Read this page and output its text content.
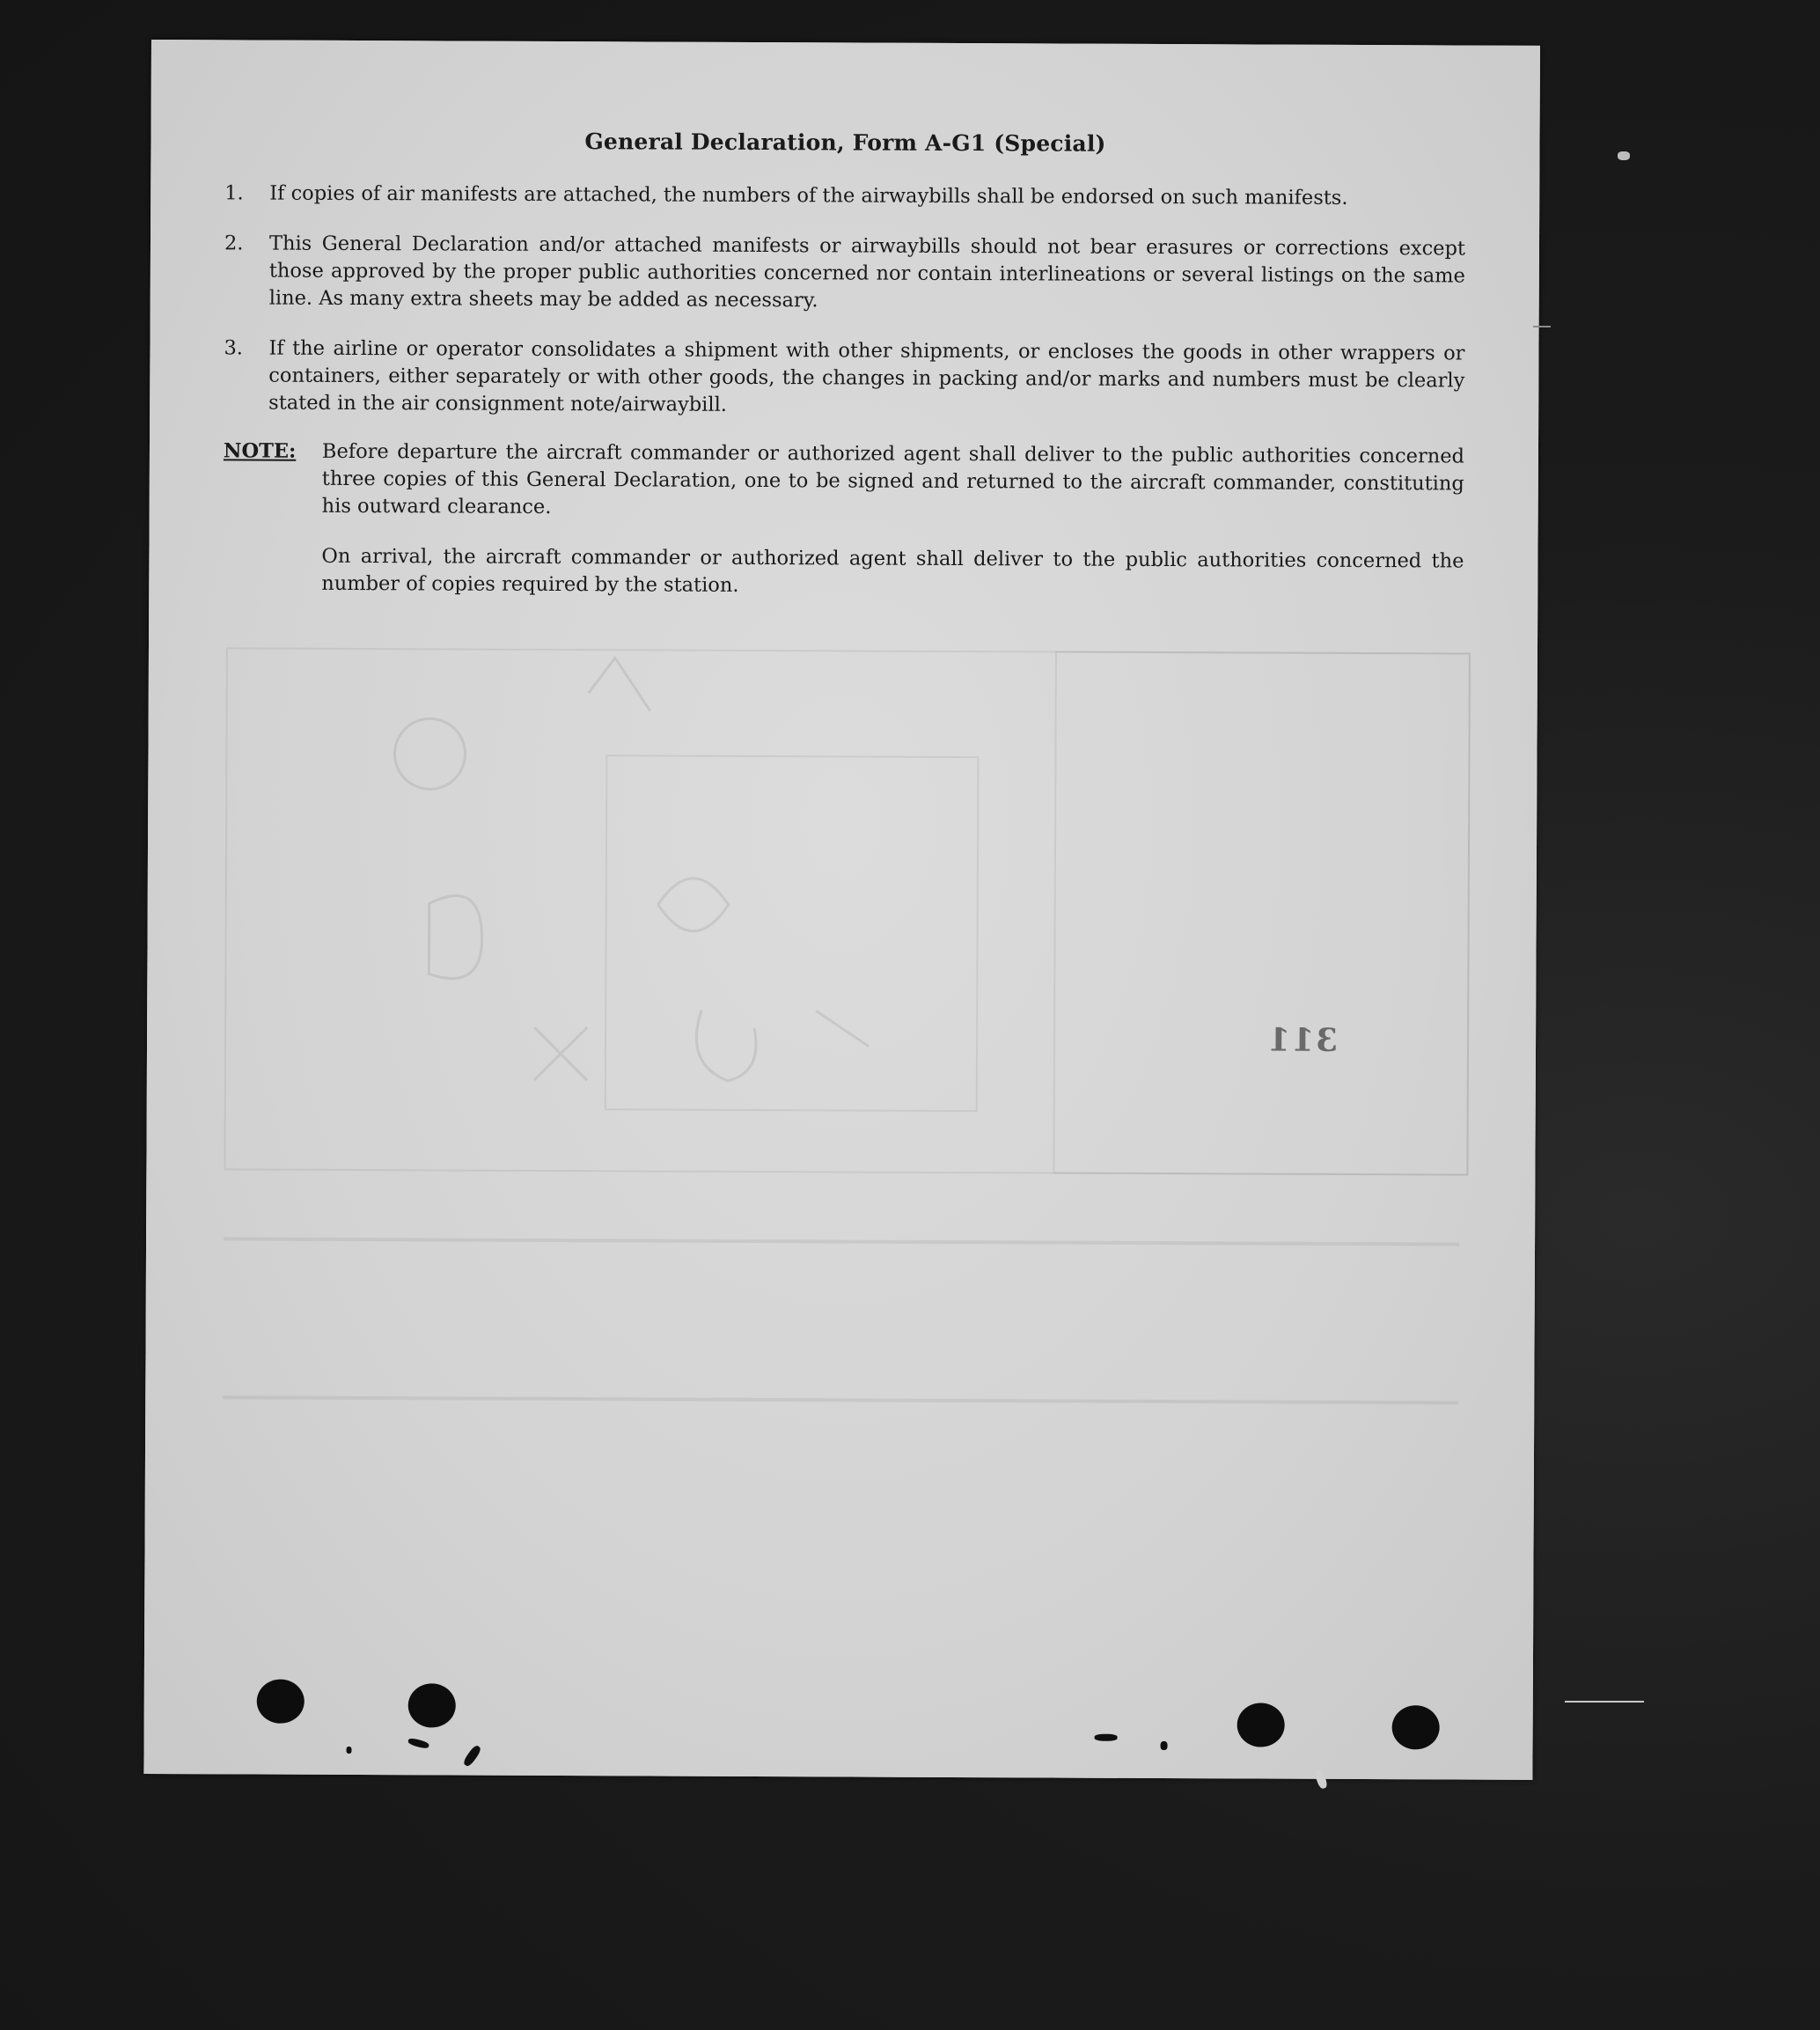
General Declaration, Form A-G1 (Special)
1.	If copies of air manifests are attached, the numbers of the airwaybills shall be endorsed on such manifests.
2.	This General Declaration and/or attached manifests or airwaybills should not bear erasures or corrections except those approved by the proper public authorities concerned nor contain interlineations or several listings on the same line. As many extra sheets may be added as necessary.
3.	If the airline or operator consolidates a shipment with other shipments, or encloses the goods in other wrappers or containers, either separately or with other goods, the changes in packing and/or marks and numbers must be clearly stated in the air consignment note/airwaybill.
NOTE:	Before departure the aircraft commander or authorized agent shall deliver to the public authorities concerned three copies of this General Declaration, one to be signed and returned to the aircraft commander, constituting his outward clearance.

On arrival, the aircraft commander or authorized agent shall deliver to the public authorities concerned the number of copies required by the station.

311
